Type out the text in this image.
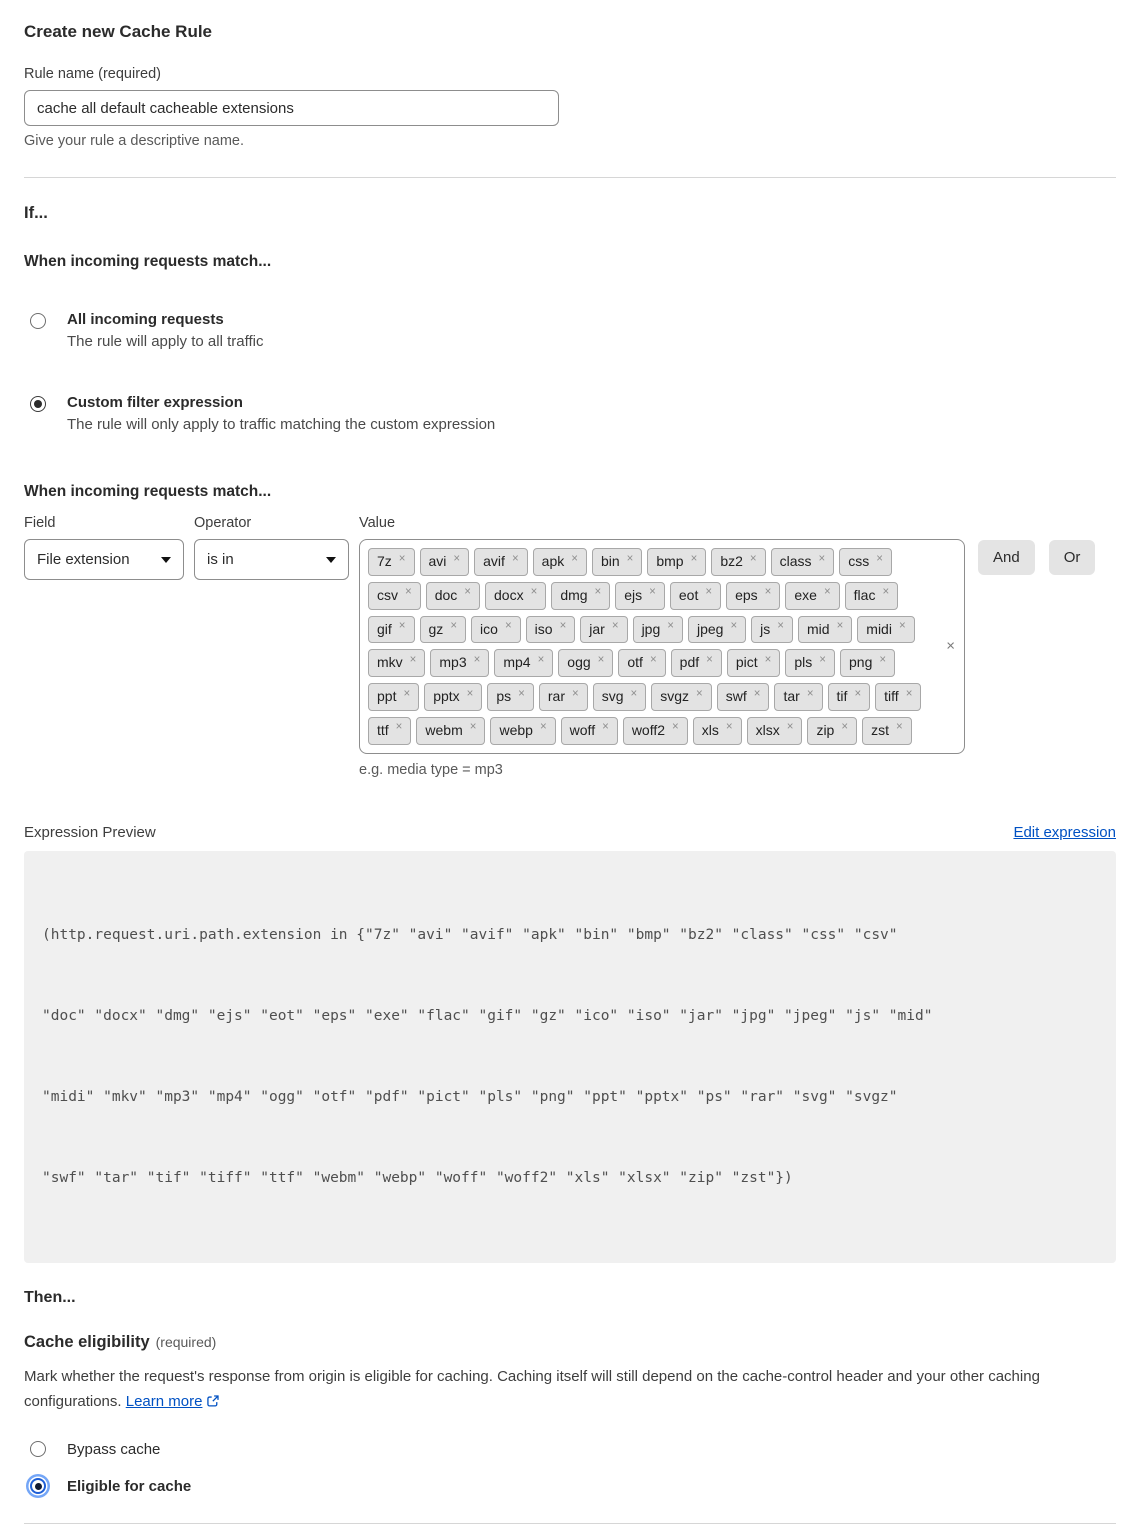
Create new Cache Rule
Rule name (required)
cache all default cacheable extensions
Give your rule a descriptive name.
If...
When incoming requests match...
All incoming requests
The rule will apply to all traffic
Custom filter expression
The rule will only apply to traffic matching the custom expression
When incoming requests match...
Field
File extension
Operator
is in
Value
7z × avi × avif × apk × bin × bmp × bz2 × class × css ×
csv × doc × docx × dmg × ejs × eot × eps × exe × flac ×
gif × gz × ico × iso × jar × jpg × jpeg × js × mid × midi ×
mkv × mp3 × mp4 × ogg × otf × pdf × pict × pls × png ×
ppt × pptx × ps × rar × svg × svgz × swf × tar × tif × tiff ×
ttf × webm × webp × woff × woff2 × xls × xlsx × zip × zst ×
×
e.g. media type = mp3
And	Or
Expression Preview	Edit expression

(http.request.uri.path.extension in {"7z" "avi" "avif" "apk" "bin" "bmp" "bz2" "class" "css" "csv"

"doc" "docx" "dmg" "ejs" "eot" "eps" "exe" "flac" "gif" "gz" "ico" "iso" "jar" "jpg" "jpeg" "js" "mid"

"midi" "mkv" "mp3" "mp4" "ogg" "otf" "pdf" "pict" "pls" "png" "ppt" "pptx" "ps" "rar" "svg" "svgz"

"swf" "tar" "tif" "tiff" "ttf" "webm" "webp" "woff" "woff2" "xls" "xlsx" "zip" "zst"})

Then...
Cache eligibility (required)

Mark whether the request's response from origin is eligible for caching. Caching itself will still depend on the cache-control header and your other caching configurations. Learn more

Bypass cache
Eligible for cache
